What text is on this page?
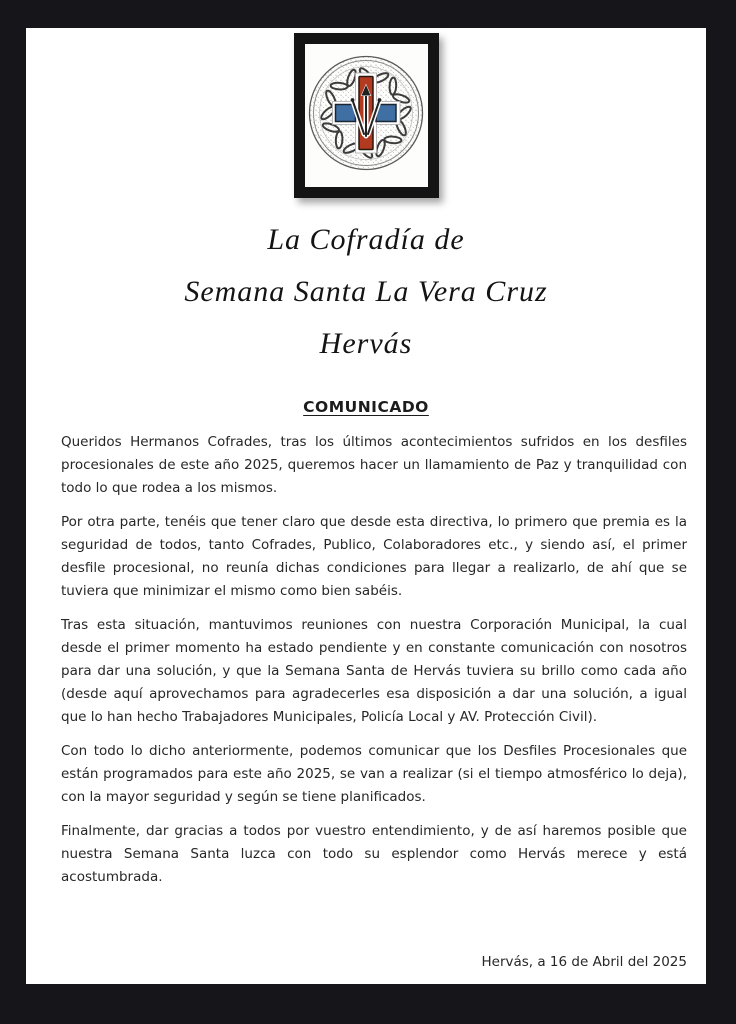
La Cofradía de
Semana Santa La Vera Cruz
Hervás
COMUNICADO

Queridos Hermanos Cofrades, tras los últimos acontecimientos sufridos en los desfiles procesionales de este año 2025, queremos hacer un llamamiento de Paz y tranquilidad con todo lo que rodea a los mismos.

Por otra parte, tenéis que tener claro que desde esta directiva, lo primero que premia es la seguridad de todos, tanto Cofrades, Publico, Colaboradores etc., y siendo así, el primer desfile procesional, no reunía dichas condiciones para llegar a realizarlo, de ahí que se tuviera que minimizar el mismo como bien sabéis.

Tras esta situación, mantuvimos reuniones con nuestra Corporación Municipal, la cual desde el primer momento ha estado pendiente y en constante comunicación con nosotros para dar una solución, y que la Semana Santa de Hervás tuviera su brillo como cada año (desde aquí aprovechamos para agradecerles esa disposición a dar una solución, a igual que lo han hecho Trabajadores Municipales, Policía Local y AV. Protección Civil).

Con todo lo dicho anteriormente, podemos comunicar que los Desfiles Procesionales que están programados para este año 2025, se van a realizar (si el tiempo atmosférico lo deja), con la mayor seguridad y según se tiene planificados.

Finalmente, dar gracias a todos por vuestro entendimiento, y de así haremos posible que nuestra Semana Santa luzca con todo su esplendor como Hervás merece y está acostumbrada.

Hervás, a 16 de Abril del 2025
